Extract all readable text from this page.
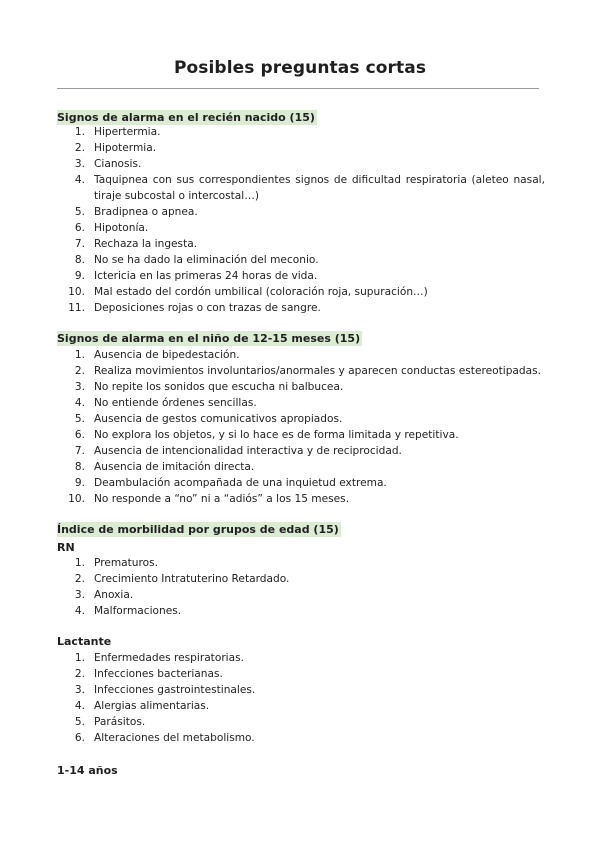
Posibles preguntas cortas
Signos de alarma en el recién nacido (15)
1. Hipertermia.
2. Hipotermia.
3. Cianosis.
4. Taquipnea con sus correspondientes signos de dificultad respiratoria (aleteo nasal, tiraje subcostal o intercostal…)
5. Bradipnea o apnea.
6. Hipotonía.
7. Rechaza la ingesta.
8. No se ha dado la eliminación del meconio.
9. Ictericia en las primeras 24 horas de vida.
10. Mal estado del cordón umbilical (coloración roja, supuración…)
11. Deposiciones rojas o con trazas de sangre.
Signos de alarma en el niño de 12-15 meses (15)
1. Ausencia de bipedestación.
2. Realiza movimientos involuntarios/anormales y aparecen conductas estereotipadas.
3. No repite los sonidos que escucha ni balbucea.
4. No entiende órdenes sencillas.
5. Ausencia de gestos comunicativos apropiados.
6. No explora los objetos, y si lo hace es de forma limitada y repetitiva.
7. Ausencia de intencionalidad interactiva y de reciprocidad.
8. Ausencia de imitación directa.
9. Deambulación acompañada de una inquietud extrema.
10. No responde a “no” ni a “adiós” a los 15 meses.
Índice de morbilidad por grupos de edad (15)
RN
1. Prematuros.
2. Crecimiento Intratuterino Retardado.
3. Anoxia.
4. Malformaciones.
Lactante
1. Enfermedades respiratorias.
2. Infecciones bacterianas.
3. Infecciones gastrointestinales.
4. Alergias alimentarias.
5. Parásitos.
6. Alteraciones del metabolismo.
1-14 años
